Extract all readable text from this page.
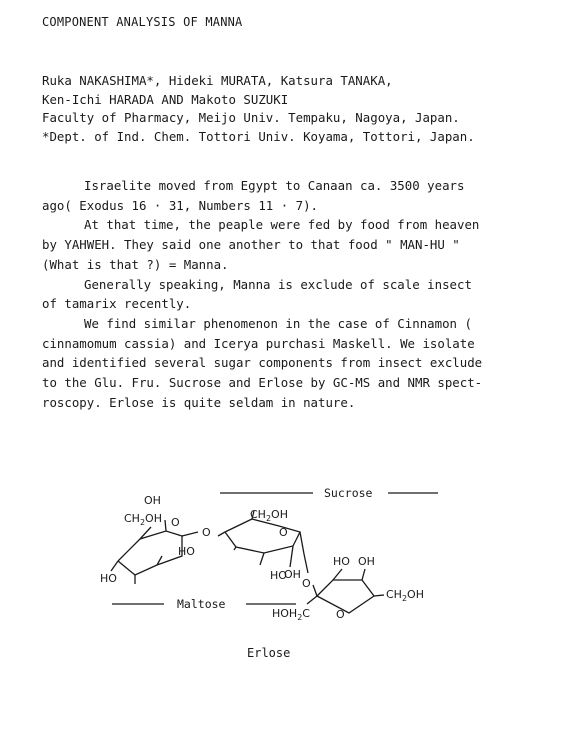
COMPONENT ANALYSIS OF MANNA
Ruka NAKASHIMA*, Hideki MURATA, Katsura TANAKA,
Ken-Ichi HARADA AND Makoto SUZUKI
Faculty of Pharmacy, Meijo Univ. Tempaku, Nagoya, Japan.
*Dept. of Ind. Chem. Tottori Univ. Koyama, Tottori, Japan.
Israelite moved from Egypt to Canaan ca. 3500 years
ago( Exodus 16 · 31, Numbers 11 · 7).
At that time, the peaple were fed by food from heaven
by YAHWEH. They said one another to that food " MAN-HU "
(What is that ?) = Manna.
Generally speaking, Manna is exclude of scale insect
of tamarix recently.
We find similar phenomenon in the case of Cinnamon (
cinnamomum cassia) and Icerya purchasi Maskell. We isolate
and identified several sugar components from insect exclude
to the Glu. Fru. Sucrose and Erlose by GC-MS and NMR spect-
roscopy. Erlose is quite seldam in nature.
Sucrose
Maltose
OH
$CH_2OH$ O
HO
HO
O
$CH_2OH$
O
HO
OH
O
HO OH
$CH_2OH$
$HOH_2C$ O
Erlose
